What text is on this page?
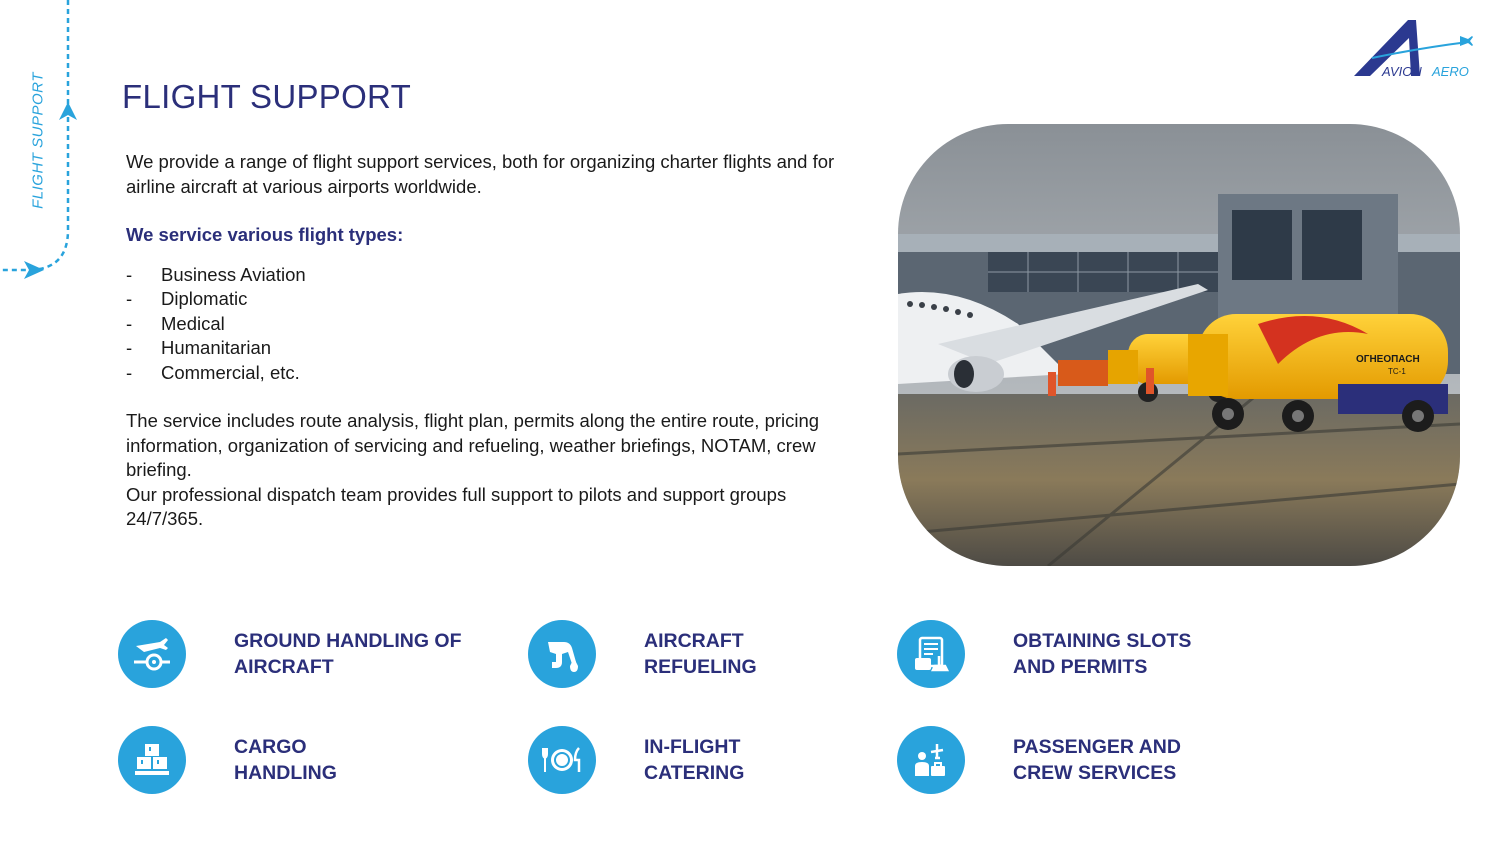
FLIGHT SUPPORT
AVION AERO
FLIGHT SUPPORT

We provide a range of flight support services, both for organizing charter flights and for airline aircraft at various airports worldwide.

We service various flight types:

- Business Aviation
- Diplomatic
- Medical
- Humanitarian
- Commercial, etc.

The service includes route analysis, flight plan, permits along the entire route, pricing information, organization of servicing and refueling, weather briefings, NOTAM, crew briefing.

Our professional dispatch team provides full support to pilots and support groups 24/7/365.

ОГНЕОПАСН
ТС-1
GROUND HANDLING OF
AIRCRAFT
AIRCRAFT
REFUELING
OBTAINING SLOTS
AND PERMITS
CARGO
HANDLING
IN-FLIGHT
CATERING
PASSENGER AND
CREW SERVICES
